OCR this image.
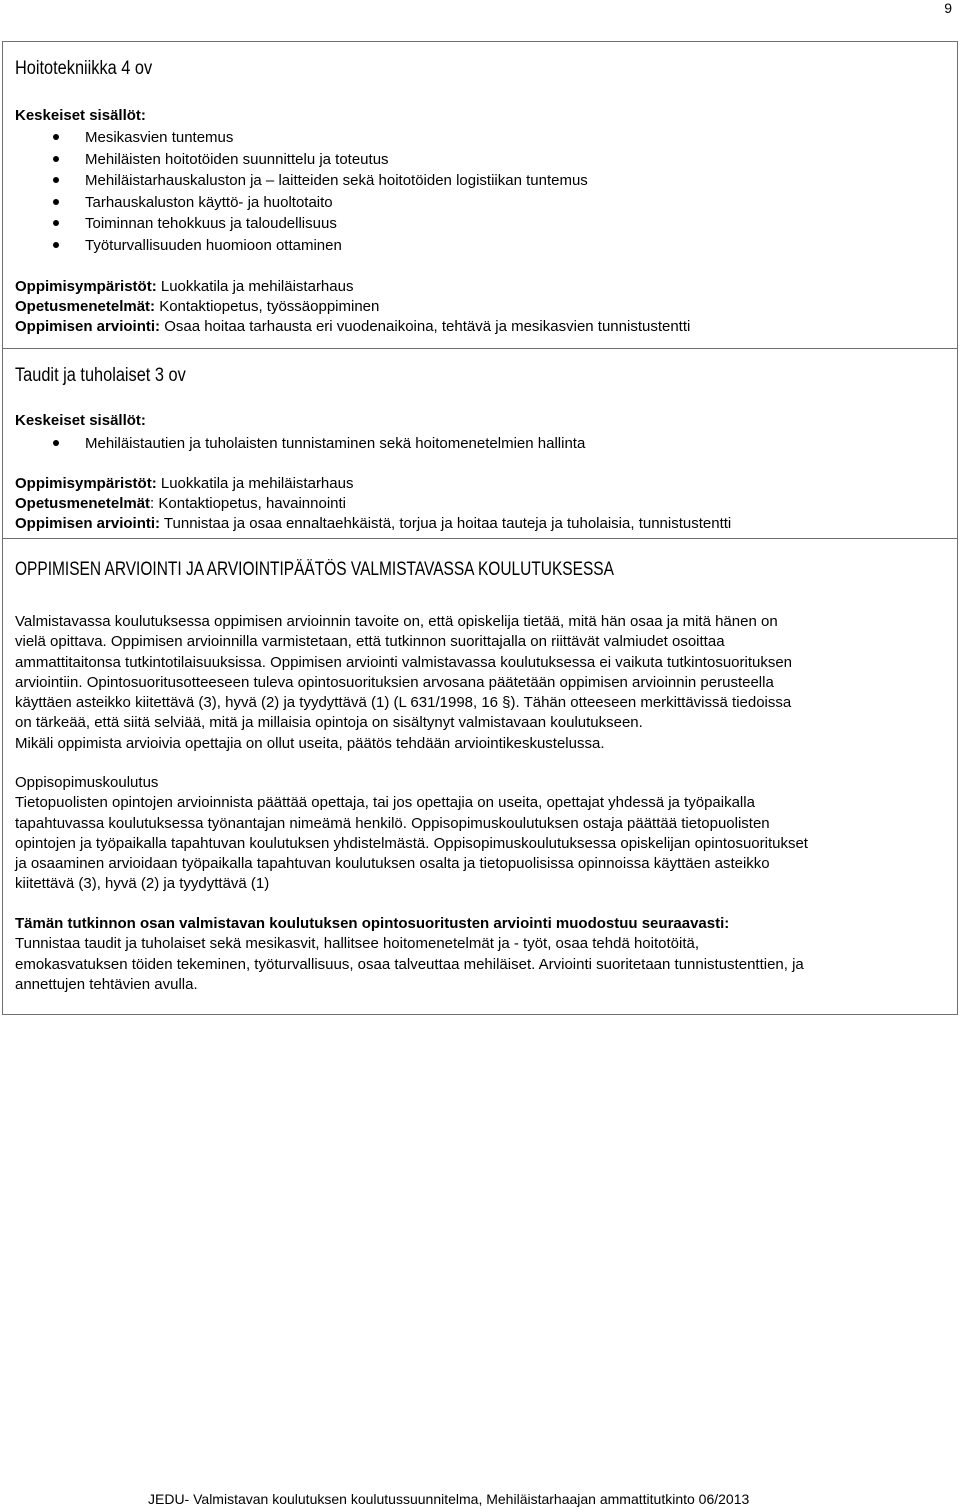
9
Hoitotekniikka 4 ov
Keskeiset sisällöt:
Mesikasvien tuntemus
Mehiläisten hoitotöiden suunnittelu ja toteutus
Mehiläistarhauskaluston ja – laitteiden sekä hoitotöiden logistiikan tuntemus
Tarhauskaluston käyttö- ja huoltotaito
Toiminnan tehokkuus ja taloudellisuus
Työturvallisuuden huomioon ottaminen
Oppimisympäristöt: Luokkatila ja mehiläistarhaus
Opetusmenetelmät: Kontaktiopetus, työssäoppiminen
Oppimisen arviointi: Osaa hoitaa tarhausta eri vuodenaikoina, tehtävä ja mesikasvien tunnistustentti
Taudit ja tuholaiset 3 ov
Keskeiset sisällöt:
Mehiläistautien ja tuholaisten tunnistaminen sekä hoitomenetelmien hallinta
Oppimisympäristöt: Luokkatila ja mehiläistarhaus
Opetusmenetelmät: Kontaktiopetus, havainnointi
Oppimisen arviointi: Tunnistaa ja osaa ennaltaehkäistä, torjua ja hoitaa tauteja ja tuholaisia, tunnistustentti
OPPIMISEN ARVIOINTI JA ARVIOINTIPÄÄTÖS VALMISTAVASSA KOULUTUKSESSA
Valmistavassa koulutuksessa oppimisen arvioinnin tavoite on, että opiskelija tietää, mitä hän osaa ja mitä hänen on
vielä opittava. Oppimisen arvioinnilla varmistetaan, että tutkinnon suorittajalla on riittävät valmiudet osoittaa
ammattitaitonsa tutkintotilaisuuksissa. Oppimisen arviointi valmistavassa koulutuksessa ei vaikuta tutkintosuorituksen
arviointiin. Opintosuoritusotteeseen tuleva opintosuorituksien arvosana päätetään oppimisen arvioinnin perusteella
käyttäen asteikko kiitettävä (3), hyvä (2) ja tyydyttävä (1) (L 631/1998, 16 §). Tähän otteeseen merkittävissä tiedoissa
on tärkeää, että siitä selviää, mitä ja millaisia opintoja on sisältynyt valmistavaan koulutukseen.
Mikäli oppimista arvioivia opettajia on ollut useita, päätös tehdään arviointikeskustelussa.
Oppisopimuskoulutus
Tietopuolisten opintojen arvioinnista päättää opettaja, tai jos opettajia on useita, opettajat yhdessä ja työpaikalla
tapahtuvassa koulutuksessa työnantajan nimeämä henkilö. Oppisopimuskoulutuksen ostaja päättää tietopuolisten
opintojen ja työpaikalla tapahtuvan koulutuksen yhdistelmästä. Oppisopimuskoulutuksessa opiskelijan opintosuoritukset
ja osaaminen arvioidaan työpaikalla tapahtuvan koulutuksen osalta ja tietopuolisissa opinnoissa käyttäen asteikko
kiitettävä (3), hyvä (2) ja tyydyttävä (1)
Tämän tutkinnon osan valmistavan koulutuksen opintosuoritusten arviointi muodostuu seuraavasti:
Tunnistaa taudit ja tuholaiset sekä mesikasvit, hallitsee hoitomenetelmät ja - työt, osaa tehdä hoitotöitä,
emokasvatuksen töiden tekeminen, työturvallisuus, osaa talveuttaa mehiläiset. Arviointi suoritetaan tunnistustenttien, ja
annettujen tehtävien avulla.
JEDU- Valmistavan koulutuksen koulutussuunnitelma, Mehiläistarhaajan ammattitutkinto 06/2013
